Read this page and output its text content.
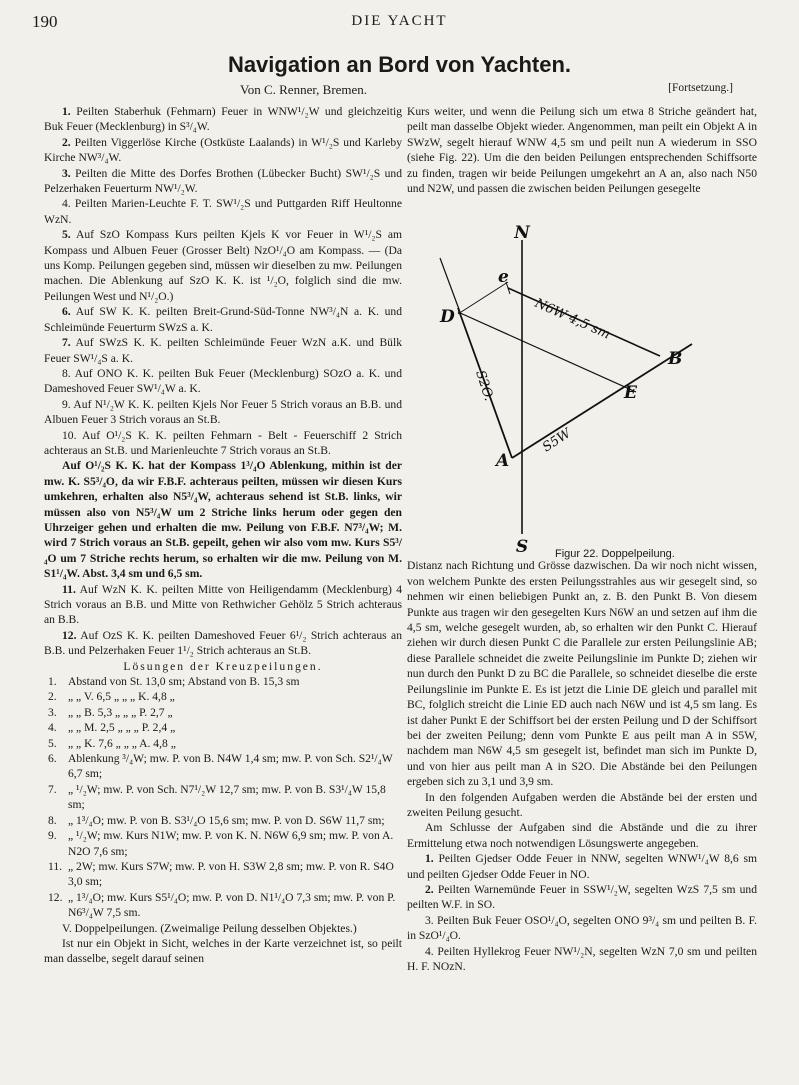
190	DIE YACHT
Navigation an Bord von Yachten.
Von C. Renner, Bremen.	[Fortsetzung.]

1. Peilten Staberhuk (Fehmarn) Feuer in WNW¹/₂W und gleichzeitig Buk Feuer (Mecklenburg) in S³/₄W.

2. Peilten Viggerlöse Kirche (Ostküste Laalands) in W¹/₂S und Karleby Kirche NW³/₄W.

3. Peilten die Mitte des Dorfes Brothen (Lübecker Bucht) SW¹/₂S und Pelzerhaken Feuerturm NW¹/₂W.

4. Peilten Marien-Leuchte F. T. SW¹/₂S und Puttgarden Riff Heultonne WzN.

5. Auf SzO Kompass Kurs peilten Kjels K vor Feuer in W¹/₂S am Kompass und Albuen Feuer (Grosser Belt) NzO¹/₄O am Kompass. — (Da uns Komp. Peilungen gegeben sind, müssen wir dieselben zu mw. Peilungen machen. Die Ablenkung auf SzO K. K. ist ¹/₂O, folglich sind die mw. Peilungen West und N¹/₂O.)

6. Auf SW K. K. peilten Breit-Grund-Süd-Tonne NW³/₄N a. K. und Schleimünde Feuerturm SWzS a. K.

7. Auf SWzS K. K. peilten Schleimünde Feuer WzN a.K. und Bülk Feuer SW¹/₄S a. K.

8. Auf ONO K. K. peilten Buk Feuer (Mecklenburg) SOzO a. K. und Dameshoved Feuer SW¹/₄W a. K.

9. Auf N¹/₂W K. K. peilten Kjels Nor Feuer 5 Strich voraus an B.B. und Albuen Feuer 3 Strich voraus an St.B.

10. Auf O¹/₂S K. K. peilten Fehmarn - Belt - Feuerschiff 2 Strich achteraus an St.B. und Marienleuchte 7 Strich voraus an St.B.

Auf O¹/₂S K. K. hat der Kompass 1³/₄O Ablenkung, mithin ist der mw. K. S5³/₄O, da wir F.B.F. achteraus peilten, müssen wir diesen Kurs umkehren, erhalten also N5³/₄W, achteraus sehend ist St.B. links, wir müssen also von N5³/₄W um 2 Striche links herum oder gegen den Uhrzeiger gehen und erhalten die mw. Peilung von F.B.F. N7³/₄W; M. wird 7 Strich voraus an St.B. gepeilt, gehen wir also vom mw. Kurs S5³/₄O um 7 Striche rechts herum, so erhalten wir die mw. Peilung von M. S1¹/₄W. Abst. 3,4 sm und 6,5 sm.

11. Auf WzN K. K. peilten Mitte von Heiligendamm (Mecklenburg) 4 Strich voraus an B.B. und Mitte von Rethwicher Gehölz 5 Strich achteraus an B.B.

12. Auf OzS K. K. peilten Dameshoved Feuer 6¹/₂ Strich achteraus an B.B. und Pelzerhaken Feuer 1¹/₂ Strich achteraus an St.B.

Lösungen der Kreuzpeilungen.

1.	Abstand von St. 13,0 sm; Abstand von B. 15,3 sm
2.	„ „ V. 6,5 „ „ „ K. 4,8 „
3.	„ „ B. 5,3 „ „ „ P. 2,7 „
4.	„ „ M. 2,5 „ „ „ P. 2,4 „
5.	„ „ K. 7,6 „ „ „ A. 4,8 „
6.	Ablenkung ³/₄W; mw. P. von B. N4W 1,4 sm; mw. P. von Sch. S2¹/₄W 6,7 sm;
7.	„ ¹/₂W; mw. P. von Sch. N7¹/₂W 12,7 sm; mw. P. von B. S3¹/₄W 15,8 sm;
8.	„ 1³/₄O; mw. P. von B. S3¹/₄O 15,6 sm; mw. P. von D. S6W 11,7 sm;
9.	„ ¹/₂W; mw. Kurs N1W; mw. P. von K. N. N6W 6,9 sm; mw. P. von A. N2O 7,6 sm;
11.	„ 2W; mw. Kurs S7W; mw. P. von H. S3W 2,8 sm; mw. P. von R. S4O 3,0 sm;
12.	„ 1³/₄O; mw. Kurs S5¹/₄O; mw. P. von D. N1¹/₄O 7,3 sm; mw. P. von P. N6³/₄W 7,5 sm.

V. Doppelpeilungen. (Zweimalige Peilung desselben Objektes.)

Ist nur ein Objekt in Sicht, welches in der Karte verzeichnet ist, so peilt man dasselbe, segelt darauf seinen

Kurs weiter, und wenn die Peilung sich um etwa 8 Striche geändert hat, peilt man dasselbe Objekt wieder. Angenommen, man peilt ein Objekt A in SWzW, segelt hierauf WNW 4,5 sm und peilt nun A wiederum in SSO (siehe Fig. 22). Um die den beiden Peilungen entsprechenden Schiffsorte zu finden, tragen wir beide Peilungen umgekehrt an A an, also nach N50 und N2W, und passen die zwischen beiden Peilungen gesegelte

Distanz nach Richtung und Grösse dazwischen. Da wir noch nicht wissen, von welchem Punkte des ersten Peilungsstrahles aus wir gesegelt sind, so nehmen wir einen beliebigen Punkt an, z. B. den Punkt B. Von diesem Punkte aus tragen wir den gesegelten Kurs N6W an und setzen auf ihm die 4,5 sm, welche gesegelt wurden, ab, so erhalten wir den Punkt C. Hierauf ziehen wir durch diesen Punkt C die Parallele zur ersten Peilungslinie AB; diese Parallele schneidet die zweite Peilungslinie im Punkte D; ziehen wir nun durch den Punkt D zu BC die Parallele, so schneidet dieselbe die erste Peilungslinie im Punkte E. Es ist jetzt die Linie DE gleich und parallel mit BC, folglich streicht die Linie ED auch nach N6W und ist 4,5 sm lang. Es ist daher Punkt E der Schiffsort bei der ersten Peilung und D der Schiffsort bei der zweiten Peilung; denn vom Punkte E aus peilt man A in S5W, nachdem man N6W 4,5 sm gesegelt ist, befindet man sich im Punkte D, und von hier aus peilt man A in S2O. Die Abstände bei den Peilungen ergeben sich zu 3,1 und 3,9 sm.

In den folgenden Aufgaben werden die Abstände bei der ersten und zweiten Peilung gesucht.

Am Schlusse der Aufgaben sind die Abstände und die zu ihrer Ermittelung etwa noch notwendigen Lösungswerte angegeben.

1. Peilten Gjedser Odde Feuer in NNW, segelten WNW¹/₄W 8,6 sm und peilten Gjedser Odde Feuer in NO.

2. Peilten Warnemünde Feuer in SSW¹/₂W, segelten WzS 7,5 sm und peilten W.F. in SO.

3. Peilten Buk Feuer OSO¹/₄O, segelten ONO 9³/₄ sm und peilten B. F. in SzO¹/₄O.

4. Peilten Hyllekrog Feuer NW¹/₂N, segelten WzN 7,0 sm und peilten H. F. NOzN.

N
S
A
B
D
E
e
N6W 4,5 sm
S2O.
S5W
Figur 22. Doppelpeilung.
